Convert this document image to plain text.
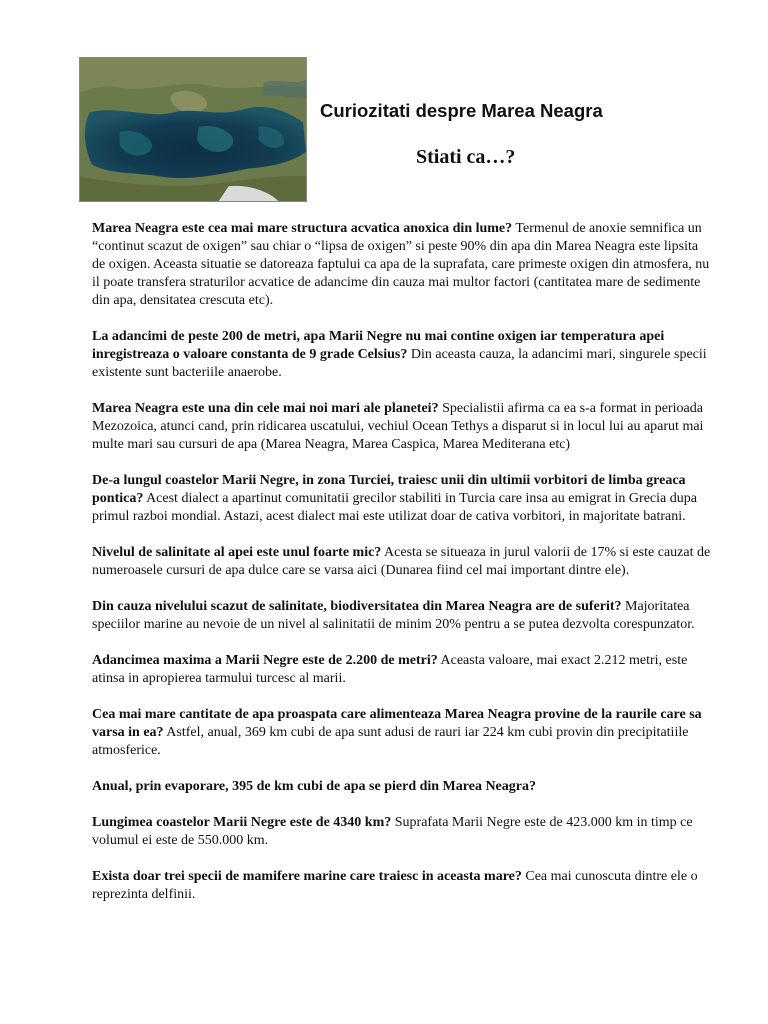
Curiozitati despre Marea Neagra
Stiati ca…?

Marea Neagra este cea mai mare structura acvatica anoxica din lume? Termenul de anoxie semnifica un “continut scazut de oxigen” sau chiar o “lipsa de oxigen” si peste 90% din apa din Marea Neagra este lipsita de oxigen. Aceasta situatie se datoreaza faptului ca apa de la suprafata, care primeste oxigen din atmosfera, nu il poate transfera straturilor acvatice de adancime din cauza mai multor factori (cantitatea mare de sedimente din apa, densitatea crescuta etc).

La adancimi de peste 200 de metri, apa Marii Negre nu mai contine oxigen iar temperatura apei inregistreaza o valoare constanta de 9 grade Celsius? Din aceasta cauza, la adancimi mari, singurele specii existente sunt bacteriile anaerobe.

Marea Neagra este una din cele mai noi mari ale planetei? Specialistii afirma ca ea s-a format in perioada Mezozoica, atunci cand, prin ridicarea uscatului, vechiul Ocean Tethys a disparut si in locul lui au aparut mai multe mari sau cursuri de apa (Marea Neagra, Marea Caspica, Marea Mediterana etc)

De-a lungul coastelor Marii Negre, in zona Turciei, traiesc unii din ultimii vorbitori de limba greaca pontica? Acest dialect a apartinut comunitatii grecilor stabiliti in Turcia care insa au emigrat in Grecia dupa primul razboi mondial. Astazi, acest dialect mai este utilizat doar de cativa vorbitori, in majoritate batrani.

Nivelul de salinitate al apei este unul foarte mic? Acesta se situeaza in jurul valorii de 17% si este cauzat de numeroasele cursuri de apa dulce care se varsa aici (Dunarea fiind cel mai important dintre ele).

Din cauza nivelului scazut de salinitate, biodiversitatea din Marea Neagra are de suferit? Majoritatea speciilor marine au nevoie de un nivel al salinitatii de minim 20% pentru a se putea dezvolta corespunzator.

Adancimea maxima a Marii Negre este de 2.200 de metri? Aceasta valoare, mai exact 2.212 metri, este atinsa in apropierea tarmului turcesc al marii.

Cea mai mare cantitate de apa proaspata care alimenteaza Marea Neagra provine de la raurile care sa varsa in ea? Astfel, anual, 369 km cubi de apa sunt adusi de rauri iar 224 km cubi provin din precipitatiile atmosferice.

Anual, prin evaporare, 395 de km cubi de apa se pierd din Marea Neagra?

Lungimea coastelor Marii Negre este de 4340 km? Suprafata Marii Negre este de 423.000 km in timp ce volumul ei este de 550.000 km.

Exista doar trei specii de mamifere marine care traiesc in aceasta mare? Cea mai cunoscuta dintre ele o reprezinta delfinii.
